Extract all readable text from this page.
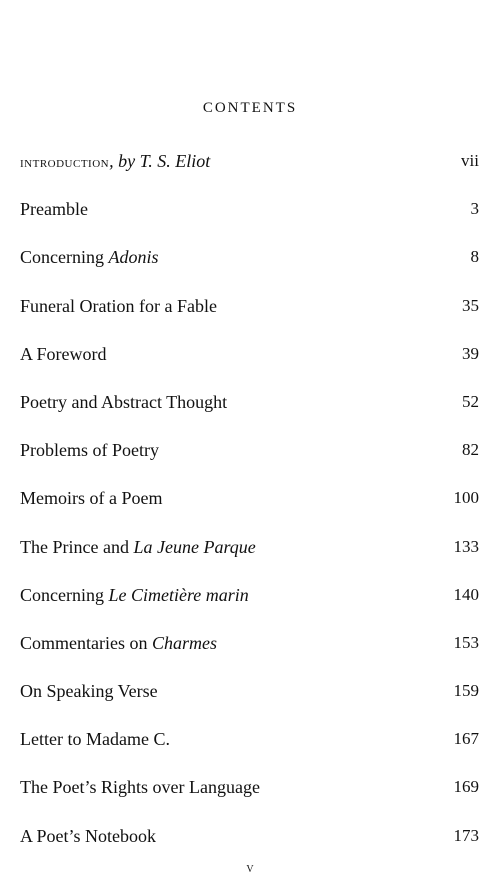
CONTENTS
introduction, by T. S. Eliot	vii
Preamble	3
Concerning Adonis	8
Funeral Oration for a Fable	35
A Foreword	39
Poetry and Abstract Thought	52
Problems of Poetry	82
Memoirs of a Poem	100
The Prince and La Jeune Parque	133
Concerning Le Cimetière marin	140
Commentaries on Charmes	153
On Speaking Verse	159
Letter to Madame C.	167
The Poet’s Rights over Language	169
A Poet’s Notebook	173
v
